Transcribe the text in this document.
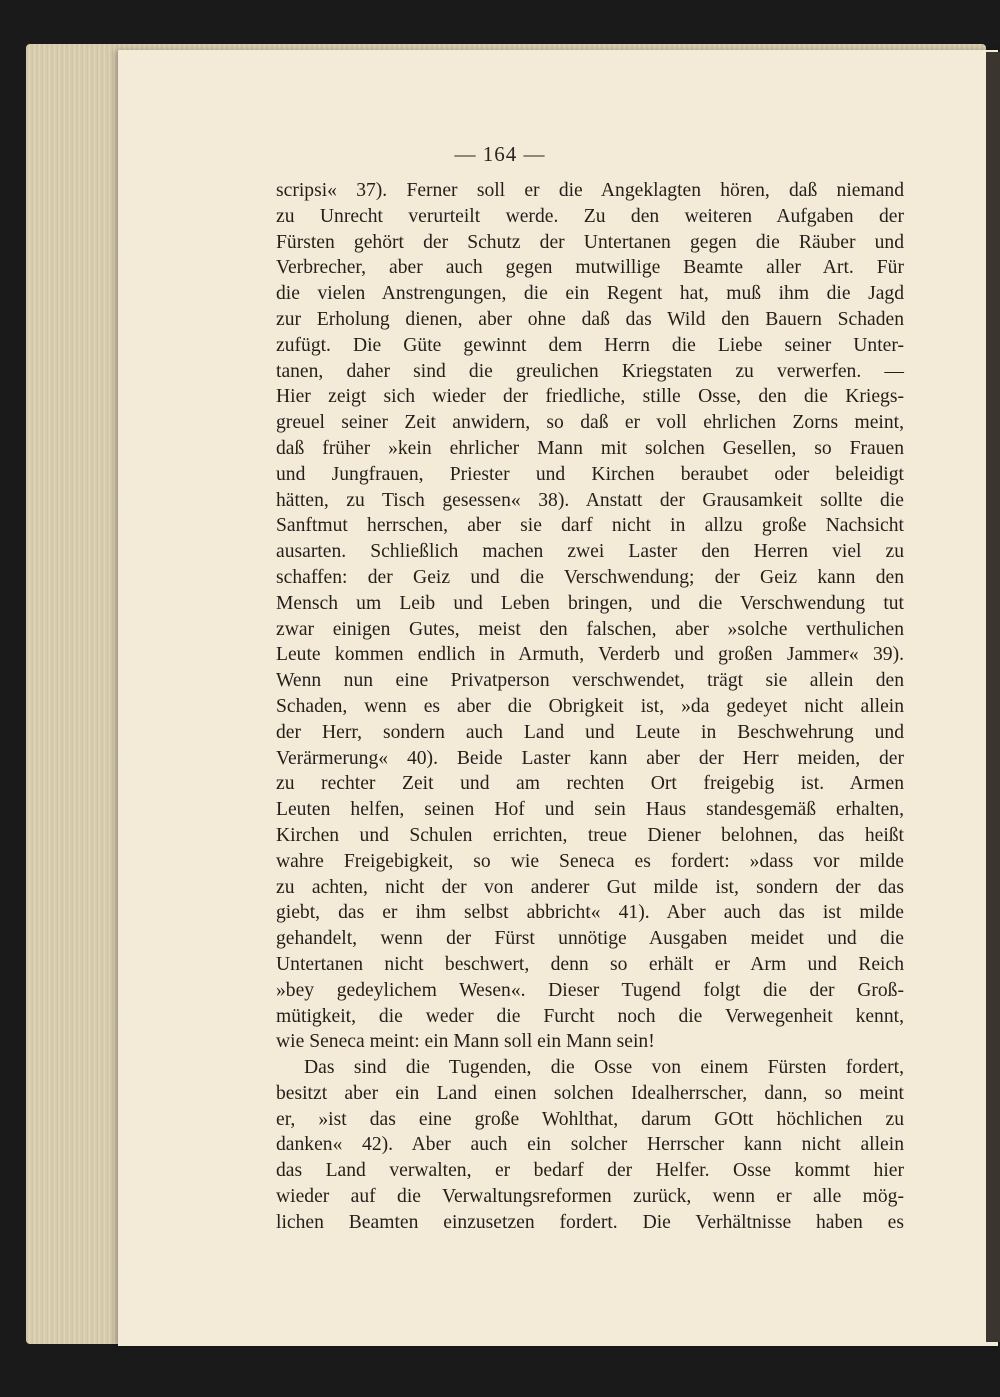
— 164 —
scripsi« 37). Ferner soll er die Angeklagten hören, daß niemand
zu Unrecht verurteilt werde. Zu den weiteren Aufgaben der
Fürsten gehört der Schutz der Untertanen gegen die Räuber und
Verbrecher, aber auch gegen mutwillige Beamte aller Art. Für
die vielen Anstrengungen, die ein Regent hat, muß ihm die Jagd
zur Erholung dienen, aber ohne daß das Wild den Bauern Schaden
zufügt. Die Güte gewinnt dem Herrn die Liebe seiner Unter-
tanen, daher sind die greulichen Kriegstaten zu verwerfen. —
Hier zeigt sich wieder der friedliche, stille Osse, den die Kriegs-
greuel seiner Zeit anwidern, so daß er voll ehrlichen Zorns meint,
daß früher »kein ehrlicher Mann mit solchen Gesellen, so Frauen
und Jungfrauen, Priester und Kirchen beraubet oder beleidigt
hätten, zu Tisch gesessen« 38). Anstatt der Grausamkeit sollte die
Sanftmut herrschen, aber sie darf nicht in allzu große Nachsicht
ausarten. Schließlich machen zwei Laster den Herren viel zu
schaffen: der Geiz und die Verschwendung; der Geiz kann den
Mensch um Leib und Leben bringen, und die Verschwendung tut
zwar einigen Gutes, meist den falschen, aber »solche verthulichen
Leute kommen endlich in Armuth, Verderb und großen Jammer« 39).
Wenn nun eine Privatperson verschwendet, trägt sie allein den
Schaden, wenn es aber die Obrigkeit ist, »da gedeyet nicht allein
der Herr, sondern auch Land und Leute in Beschwehrung und
Verärmerung« 40). Beide Laster kann aber der Herr meiden, der
zu rechter Zeit und am rechten Ort freigebig ist. Armen
Leuten helfen, seinen Hof und sein Haus standesgemäß erhalten,
Kirchen und Schulen errichten, treue Diener belohnen, das heißt
wahre Freigebigkeit, so wie Seneca es fordert: »dass vor milde
zu achten, nicht der von anderer Gut milde ist, sondern der das
giebt, das er ihm selbst abbricht« 41). Aber auch das ist milde
gehandelt, wenn der Fürst unnötige Ausgaben meidet und die
Untertanen nicht beschwert, denn so erhält er Arm und Reich
»bey gedeylichem Wesen«. Dieser Tugend folgt die der Groß-
mütigkeit, die weder die Furcht noch die Verwegenheit kennt,
wie Seneca meint: ein Mann soll ein Mann sein!
Das sind die Tugenden, die Osse von einem Fürsten fordert,
besitzt aber ein Land einen solchen Idealherrscher, dann, so meint
er, »ist das eine große Wohlthat, darum GOtt höchlichen zu
danken« 42). Aber auch ein solcher Herrscher kann nicht allein
das Land verwalten, er bedarf der Helfer. Osse kommt hier
wieder auf die Verwaltungsreformen zurück, wenn er alle mög-
lichen Beamten einzusetzen fordert. Die Verhältnisse haben es
